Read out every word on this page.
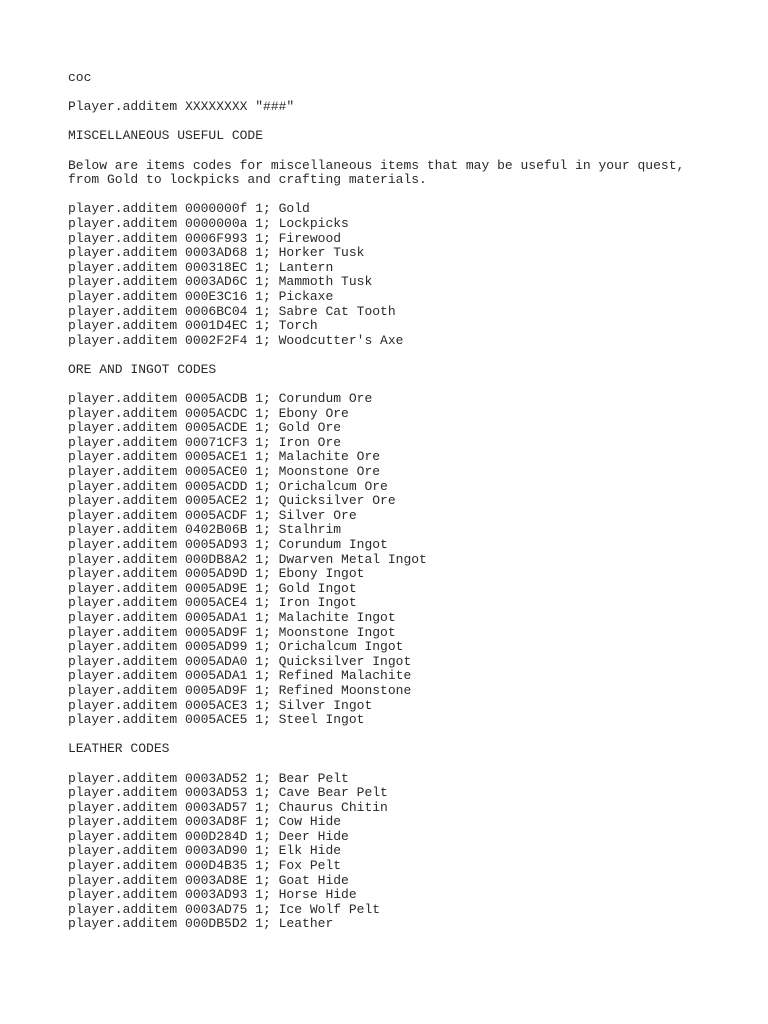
coc
Player.additem XXXXXXXX "###"
MISCELLANEOUS USEFUL CODE
Below are items codes for miscellaneous items that may be useful in your quest,
from Gold to lockpicks and crafting materials.
player.additem 0000000f 1; Gold
player.additem 0000000a 1; Lockpicks
player.additem 0006F993 1; Firewood
player.additem 0003AD68 1; Horker Tusk
player.additem 000318EC 1; Lantern
player.additem 0003AD6C 1; Mammoth Tusk
player.additem 000E3C16 1; Pickaxe
player.additem 0006BC04 1; Sabre Cat Tooth
player.additem 0001D4EC 1; Torch
player.additem 0002F2F4 1; Woodcutter's Axe
ORE AND INGOT CODES
player.additem 0005ACDB 1; Corundum Ore
player.additem 0005ACDC 1; Ebony Ore
player.additem 0005ACDE 1; Gold Ore
player.additem 00071CF3 1; Iron Ore
player.additem 0005ACE1 1; Malachite Ore
player.additem 0005ACE0 1; Moonstone Ore
player.additem 0005ACDD 1; Orichalcum Ore
player.additem 0005ACE2 1; Quicksilver Ore
player.additem 0005ACDF 1; Silver Ore
player.additem 0402B06B 1; Stalhrim
player.additem 0005AD93 1; Corundum Ingot
player.additem 000DB8A2 1; Dwarven Metal Ingot
player.additem 0005AD9D 1; Ebony Ingot
player.additem 0005AD9E 1; Gold Ingot
player.additem 0005ACE4 1; Iron Ingot
player.additem 0005ADA1 1; Malachite Ingot
player.additem 0005AD9F 1; Moonstone Ingot
player.additem 0005AD99 1; Orichalcum Ingot
player.additem 0005ADA0 1; Quicksilver Ingot
player.additem 0005ADA1 1; Refined Malachite
player.additem 0005AD9F 1; Refined Moonstone
player.additem 0005ACE3 1; Silver Ingot
player.additem 0005ACE5 1; Steel Ingot
LEATHER CODES
player.additem 0003AD52 1; Bear Pelt
player.additem 0003AD53 1; Cave Bear Pelt
player.additem 0003AD57 1; Chaurus Chitin
player.additem 0003AD8F 1; Cow Hide
player.additem 000D284D 1; Deer Hide
player.additem 0003AD90 1; Elk Hide
player.additem 000D4B35 1; Fox Pelt
player.additem 0003AD8E 1; Goat Hide
player.additem 0003AD93 1; Horse Hide
player.additem 0003AD75 1; Ice Wolf Pelt
player.additem 000DB5D2 1; Leather
